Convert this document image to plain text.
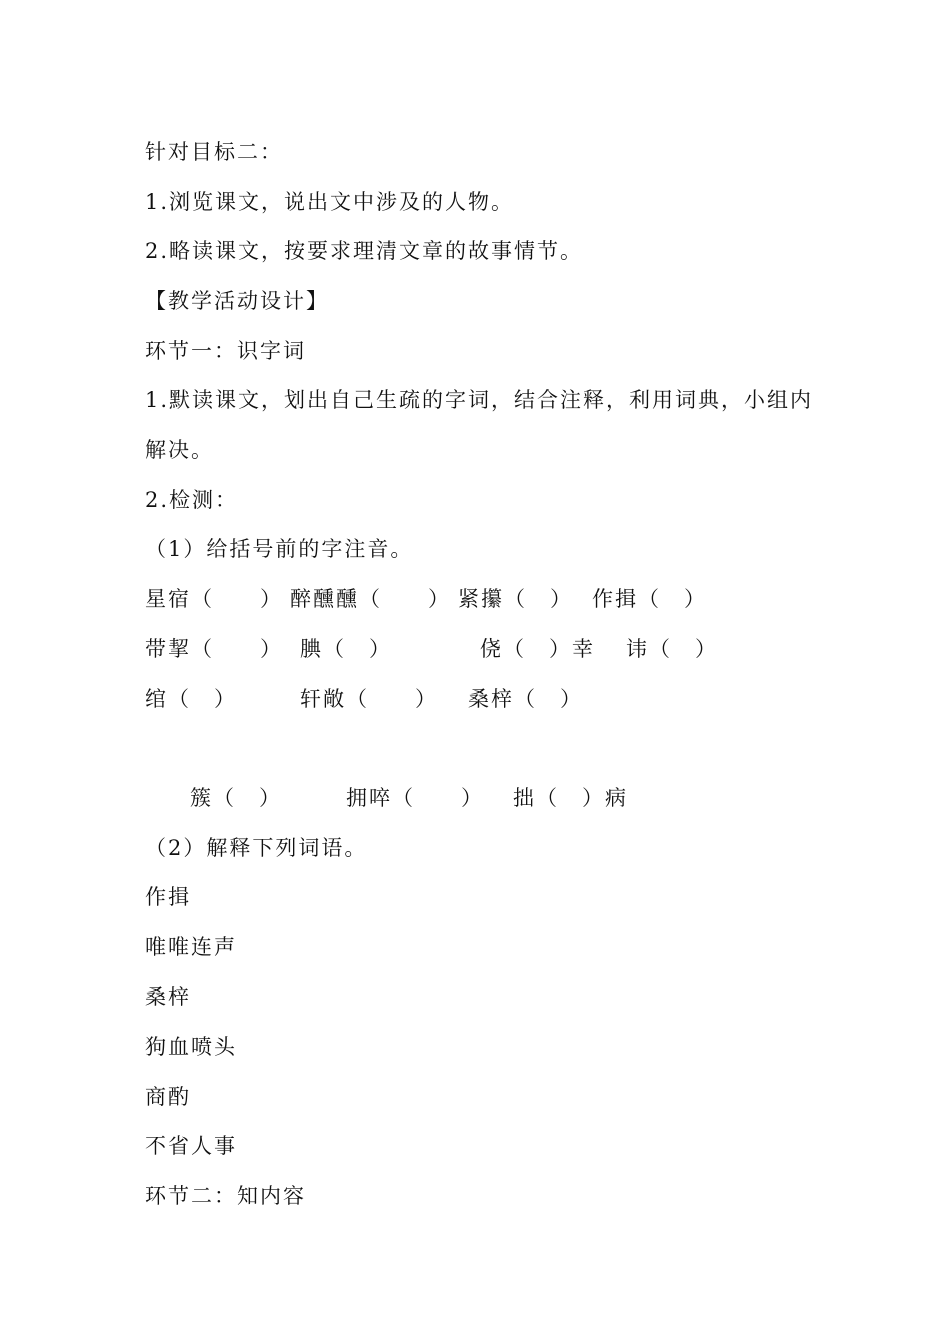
针对目标二：
1.浏览课文，说出文中涉及的人物。
2.略读课文，按要求理清文章的故事情节。
【教学活动设计】
环节一：识字词
1.默读课文，划出自己生疏的字词，结合注释，利用词典，小组内
解决。
2.检测：
（1）给括号前的字注音。
星宿（　　） 醉醺醺（　　） 紧攥（　） 作揖（　）
带挈（　　） 腆（　）	侥（　）幸 讳（　）
绾（　）	轩敞（　　） 桑梓（　）
簇（　）	拥啐（　　） 拙（　）病
（2）解释下列词语。
作揖
唯唯连声
桑梓
狗血喷头
商酌
不省人事
环节二：知内容
